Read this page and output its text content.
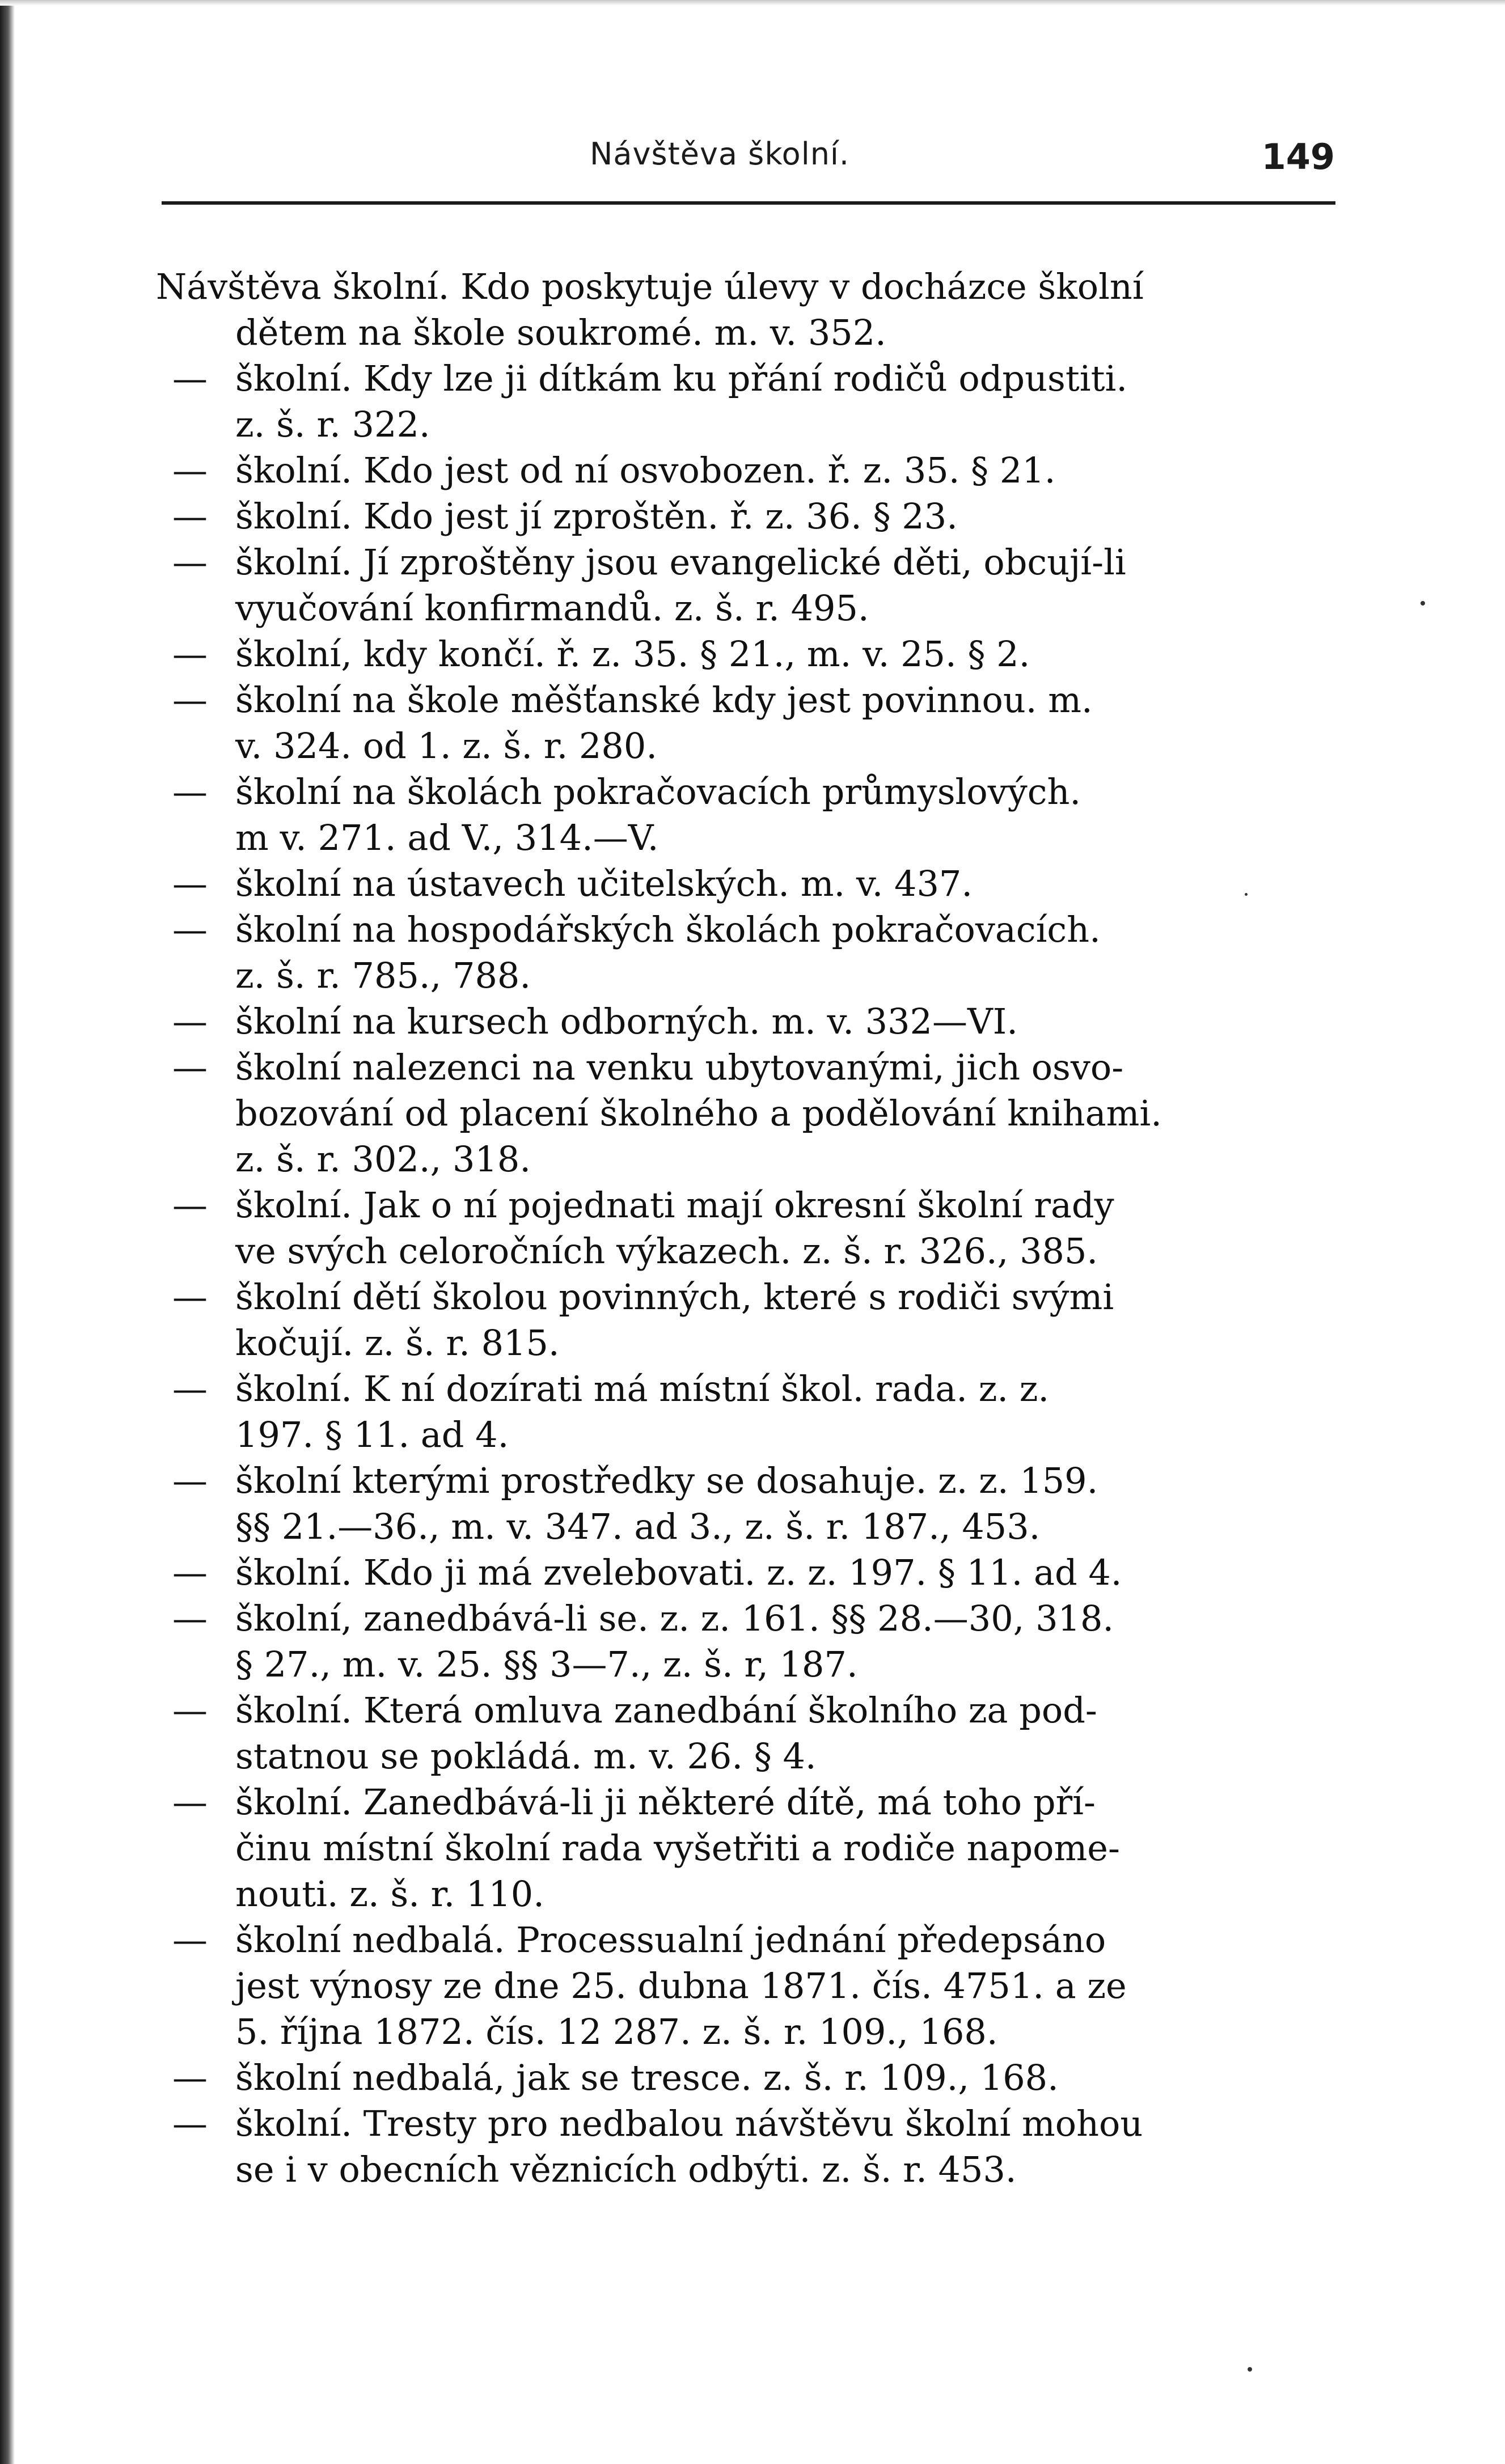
Návštěva školní.	149
Návštěva školní. Kdo poskytuje úlevy v docházce školní
dětem na škole soukromé. m. v. 352.
— školní. Kdy lze ji dítkám ku přání rodičů odpustiti.
z. š. r. 322.
— školní. Kdo jest od ní osvobozen. ř. z. 35. § 21.
— školní. Kdo jest jí zproštěn. ř. z. 36. § 23.
— školní. Jí zproštěny jsou evangelické děti, obcují-li
vyučování konfirmandů. z. š. r. 495.
— školní, kdy končí. ř. z. 35. § 21., m. v. 25. § 2.
— školní na škole měšťanské kdy jest povinnou. m.
v. 324. od 1. z. š. r. 280.
— školní na školách pokračovacích průmyslových.
m v. 271. ad V., 314.—V.
— školní na ústavech učitelských. m. v. 437.
— školní na hospodářských školách pokračovacích.
z. š. r. 785., 788.
— školní na kursech odborných. m. v. 332—VI.
— školní nalezenci na venku ubytovanými, jich osvo-
bozování od placení školného a podělování knihami.
z. š. r. 302., 318.
— školní. Jak o ní pojednati mají okresní školní rady
ve svých celoročních výkazech. z. š. r. 326., 385.
— školní dětí školou povinných, které s rodiči svými
kočují. z. š. r. 815.
— školní. K ní dozírati má místní škol. rada. z. z.
197. § 11. ad 4.
— školní kterými prostředky se dosahuje. z. z. 159.
§§ 21.—36., m. v. 347. ad 3., z. š. r. 187., 453.
— školní. Kdo ji má zvelebovati. z. z. 197. § 11. ad 4.
— školní, zanedbává-li se. z. z. 161. §§ 28.—30, 318.
§ 27., m. v. 25. §§ 3—7., z. š. r, 187.
— školní. Která omluva zanedbání školního za pod-
statnou se pokládá. m. v. 26. § 4.
— školní. Zanedbává-li ji některé dítě, má toho pří-
činu místní školní rada vyšetřiti a rodiče napome-
nouti. z. š. r. 110.
— školní nedbalá. Processualní jednání předepsáno
jest výnosy ze dne 25. dubna 1871. čís. 4751. a ze
5. října 1872. čís. 12 287. z. š. r. 109., 168.
— školní nedbalá, jak se tresce. z. š. r. 109., 168.
— školní. Tresty pro nedbalou návštěvu školní mohou
se i v obecních věznicích odbýti. z. š. r. 453.
